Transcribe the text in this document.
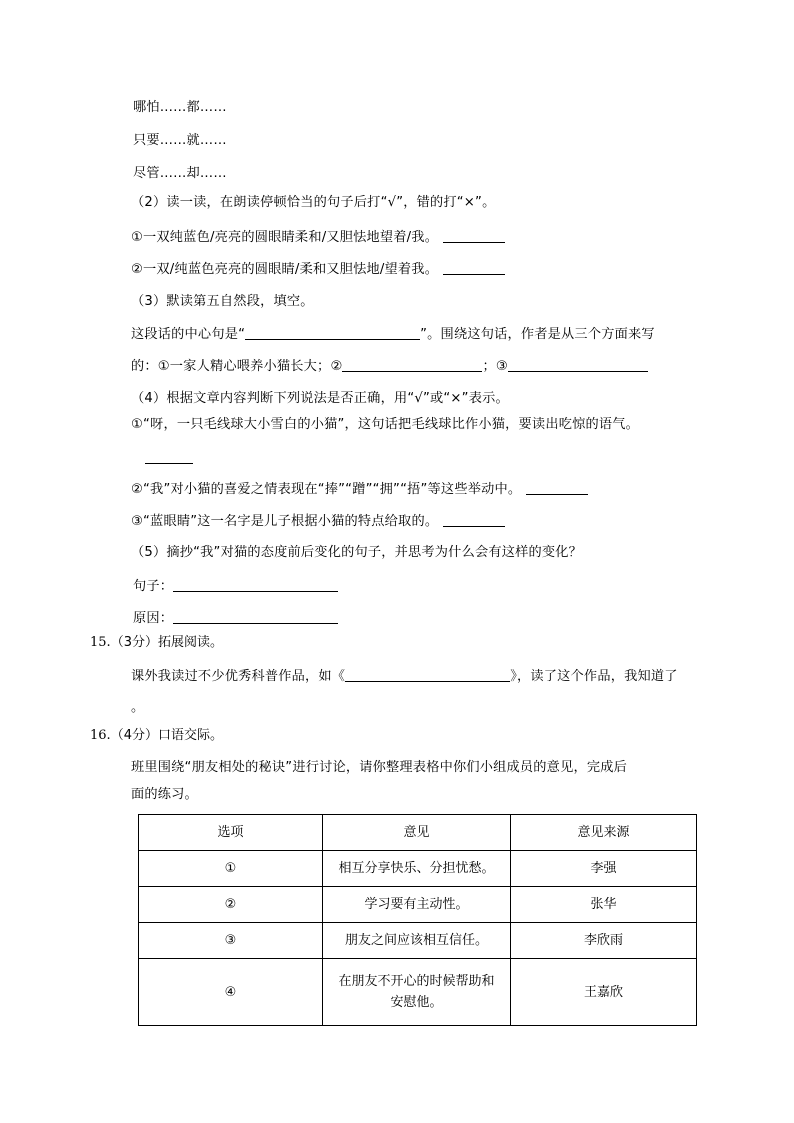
哪怕……都……
只要……就……
尽管……却……
（2）读一读，在朗读停顿恰当的句子后打“√”，错的打“×”。
①一双纯蓝色/亮亮的圆眼睛柔和/又胆怯地望着/我。
②一双/纯蓝色亮亮的圆眼睛/柔和又胆怯地/望着我。
（3）默读第五自然段，填空。
这段话的中心句是“	”。围绕这句话，作者是从三个方面来写
的：①一家人精心喂养小猫长大；②	；③
（4）根据文章内容判断下列说法是否正确，用“√”或“×”表示。
①“呀，一只毛线球大小雪白的小猫”，这句话把毛线球比作小猫，要读出吃惊的语气。
②“我”对小猫的喜爱之情表现在“捧”“蹭”“拥”“捂”等这些举动中。
③“蓝眼睛”这一名字是儿子根据小猫的特点给取的。
（5）摘抄“我”对猫的态度前后变化的句子，并思考为什么会有这样的变化？
句子：
原因：
15.（3分）拓展阅读。
课外我读过不少优秀科普作品，如《	》，读了这个作品，我知道了
。
16.（4分）口语交际。
班里围绕“朋友相处的秘诀”进行讨论，请你整理表格中你们小组成员的意见，完成后
面的练习。
选项	意见	意见来源
①	相互分享快乐、分担忧愁。	李强
②	学习要有主动性。	张华
③	朋友之间应该相互信任。	李欣雨
④	在朋友不开心的时候帮助和
安慰他。	王嘉欣
